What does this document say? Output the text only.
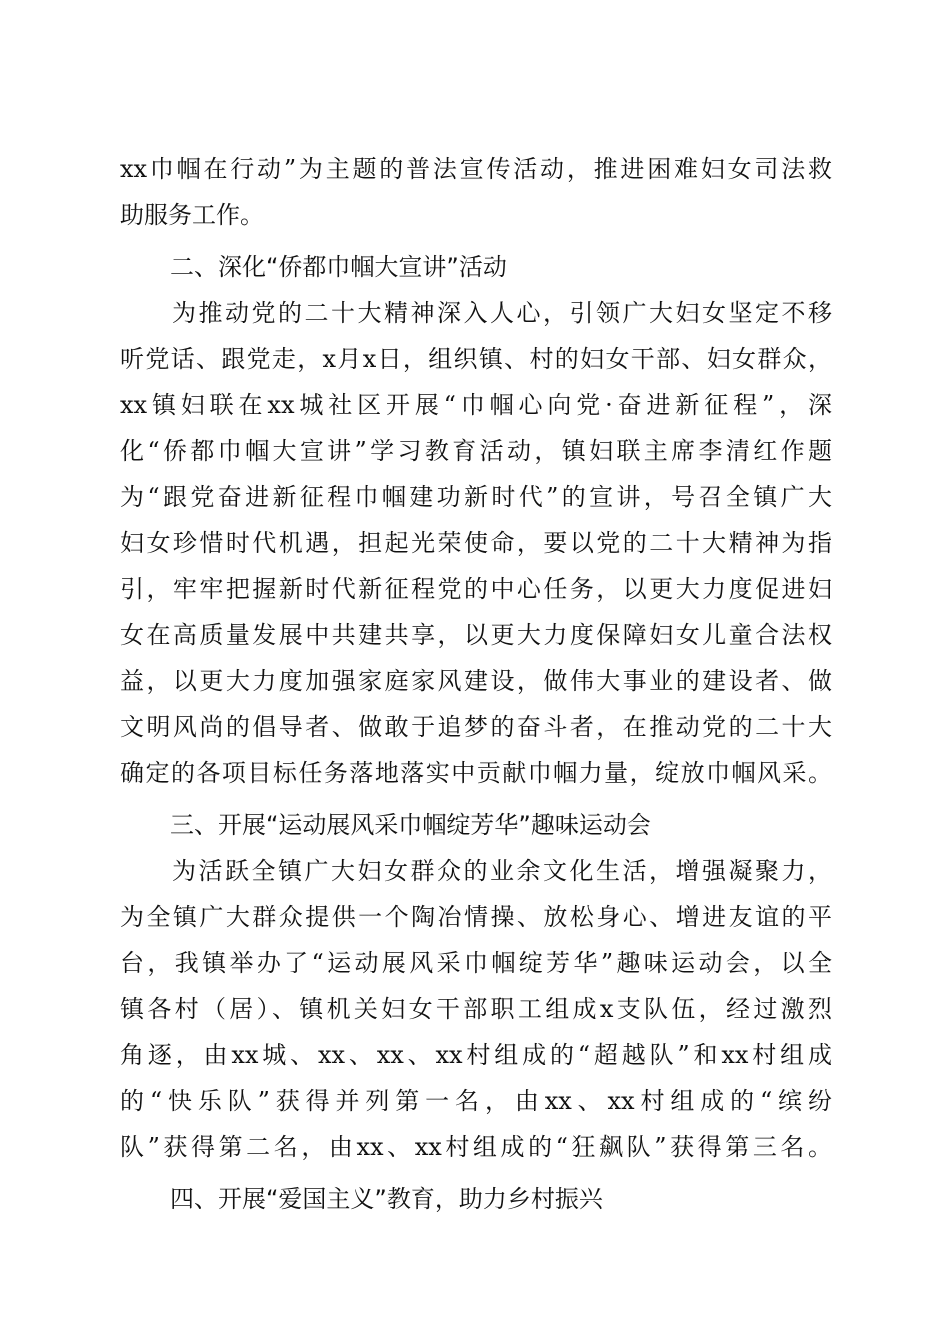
xx巾帼在行动”为主题的普法宣传活动，推进困难妇女司法救
助服务工作。
二、深化“侨都巾帼大宣讲”活动
为推动党的二十大精神深入人心，引领广大妇女坚定不移
听党话、跟党走，x月x日，组织镇、村的妇女干部、妇女群众，
xx镇妇联在xx城社区开展“巾帼心向党·奋进新征程”，深
化“侨都巾帼大宣讲”学习教育活动，镇妇联主席李清红作题
为“跟党奋进新征程巾帼建功新时代”的宣讲，号召全镇广大
妇女珍惜时代机遇，担起光荣使命，要以党的二十大精神为指
引，牢牢把握新时代新征程党的中心任务，以更大力度促进妇
女在高质量发展中共建共享，以更大力度保障妇女儿童合法权
益，以更大力度加强家庭家风建设，做伟大事业的建设者、做
文明风尚的倡导者、做敢于追梦的奋斗者，在推动党的二十大
确定的各项目标任务落地落实中贡献巾帼力量，绽放巾帼风采。
三、开展“运动展风采巾帼绽芳华”趣味运动会
为活跃全镇广大妇女群众的业余文化生活，增强凝聚力，
为全镇广大群众提供一个陶冶情操、放松身心、增进友谊的平
台，我镇举办了“运动展风采巾帼绽芳华”趣味运动会，以全
镇各村（居）、镇机关妇女干部职工组成x支队伍，经过激烈
角逐，由xx城、xx、xx、xx村组成的“超越队”和xx村组成
的“快乐队”获得并列第一名，由xx、xx村组成的“缤纷
队”获得第二名，由xx、xx村组成的“狂飙队”获得第三名。
四、开展“爱国主义”教育，助力乡村振兴
